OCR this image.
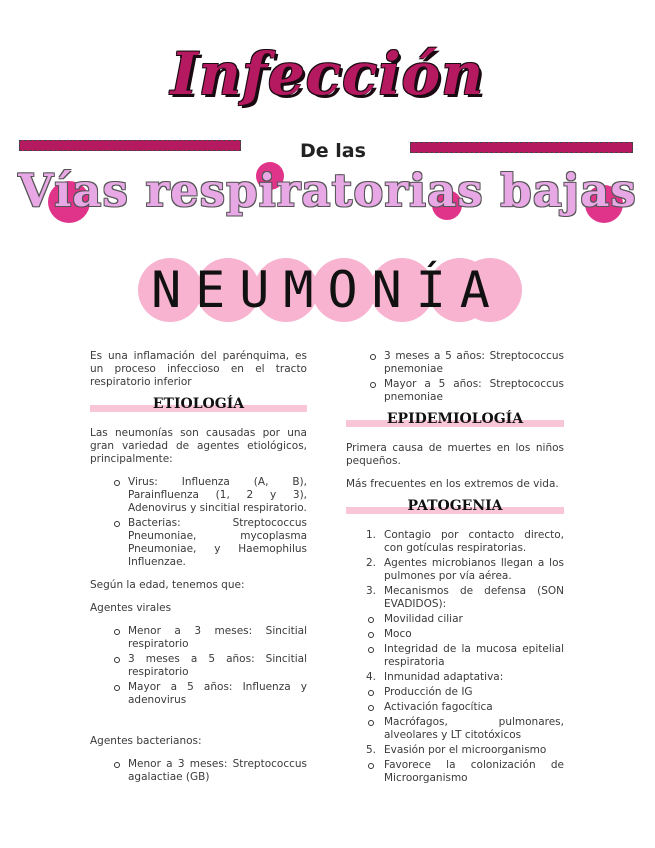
Infección
De las
Vías respiratorias bajas
NEUMONÍA

Es una inflamación del parénquima, es un proceso infeccioso en el tracto respiratorio inferior

ETIOLOGÍA

Las neumonías son causadas por una gran variedad de agentes etiológicos, principalmente:

Virus: Influenza (A, B), Parainfluenza (1, 2 y 3), Adenovirus y sincitial respiratorio.
Bacterias: Streptococcus Pneumoniae, mycoplasma Pneumoniae, y Haemophilus Influenzae.

Según la edad, tenemos que:

Agentes virales

Menor a 3 meses: Sincitial respiratorio
3 meses a 5 años: Sincitial respiratorio
Mayor a 5 años: Influenza y adenovirus

Agentes bacterianos:

Menor a 3 meses: Streptococcus agalactiae (GB)
3 meses a 5 años: Streptococcus pnemoniae
Mayor a 5 años: Streptococcus pnemoniae
EPIDEMIOLOGÍA

Primera causa de muertes en los niños pequeños.

Más frecuentes en los extremos de vida.

PATOGENIA
1. Contagio por contacto directo, con gotículas respiratorias.
2. Agentes microbianos llegan a los pulmones por vía aérea.
3. Mecanismos de defensa (SON EVADIDOS):
Movilidad ciliar
Moco
Integridad de la mucosa epitelial respiratoria
4. Inmunidad adaptativa:
Producción de IG
Activación fagocítica
Macrófagos, pulmonares, alveolares y LT citotóxicos
5. Evasión por el microorganismo
Favorece la colonización de Microorganismo
